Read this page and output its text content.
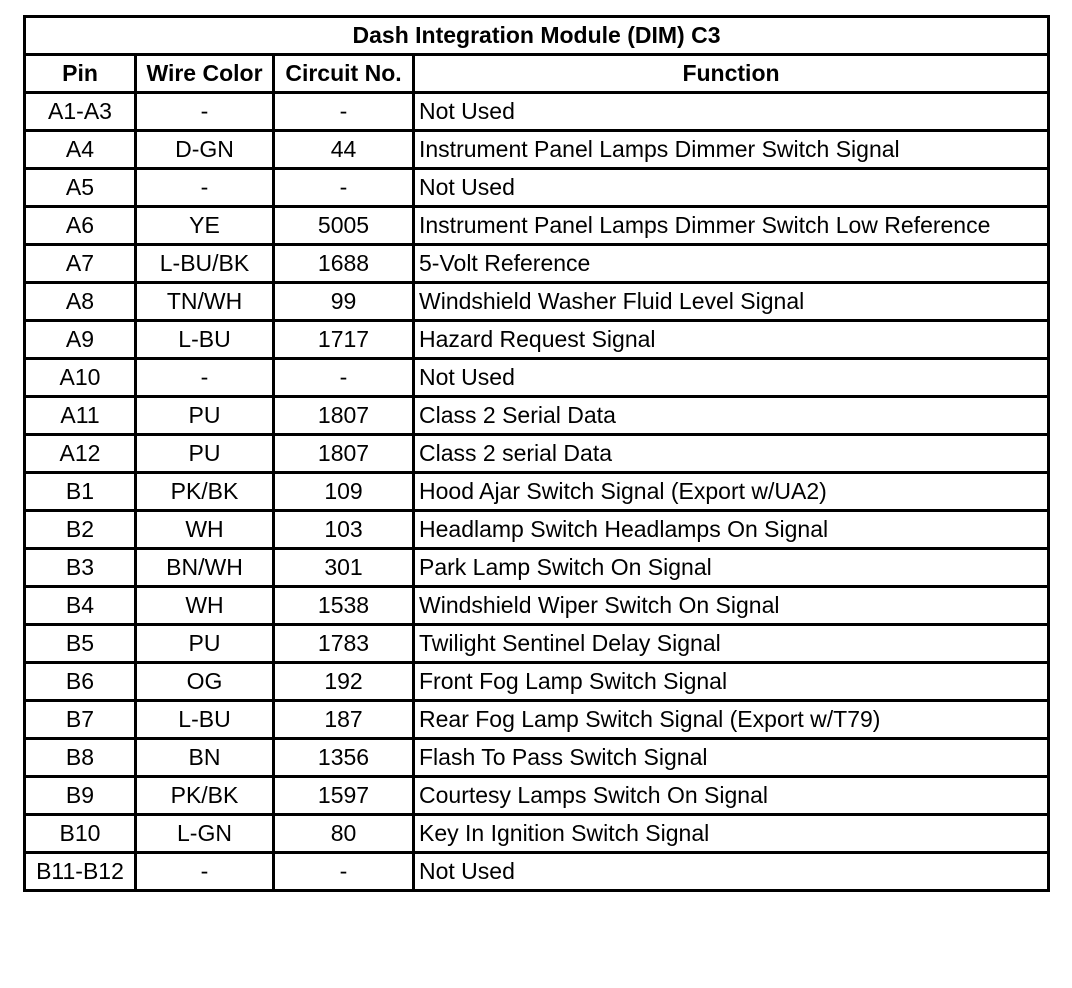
Dash Integration Module (DIM) C3			
Pin	Wire Color	Circuit No.	Function
A1-A3	-	-	Not Used
A4	D-GN	44	Instrument Panel Lamps Dimmer Switch Signal
A5	-	-	Not Used
A6	YE	5005	Instrument Panel Lamps Dimmer Switch Low Reference
A7	L-BU/BK	1688	5-Volt Reference
A8	TN/WH	99	Windshield Washer Fluid Level Signal
A9	L-BU	1717	Hazard Request Signal
A10	-	-	Not Used
A11	PU	1807	Class 2 Serial Data
A12	PU	1807	Class 2 serial Data
B1	PK/BK	109	Hood Ajar Switch Signal (Export w/UA2)
B2	WH	103	Headlamp Switch Headlamps On Signal
B3	BN/WH	301	Park Lamp Switch On Signal
B4	WH	1538	Windshield Wiper Switch On Signal
B5	PU	1783	Twilight Sentinel Delay Signal
B6	OG	192	Front Fog Lamp Switch Signal
B7	L-BU	187	Rear Fog Lamp Switch Signal (Export w/T79)
B8	BN	1356	Flash To Pass Switch Signal
B9	PK/BK	1597	Courtesy Lamps Switch On Signal
B10	L-GN	80	Key In Ignition Switch Signal
B11-B12	-	-	Not Used
